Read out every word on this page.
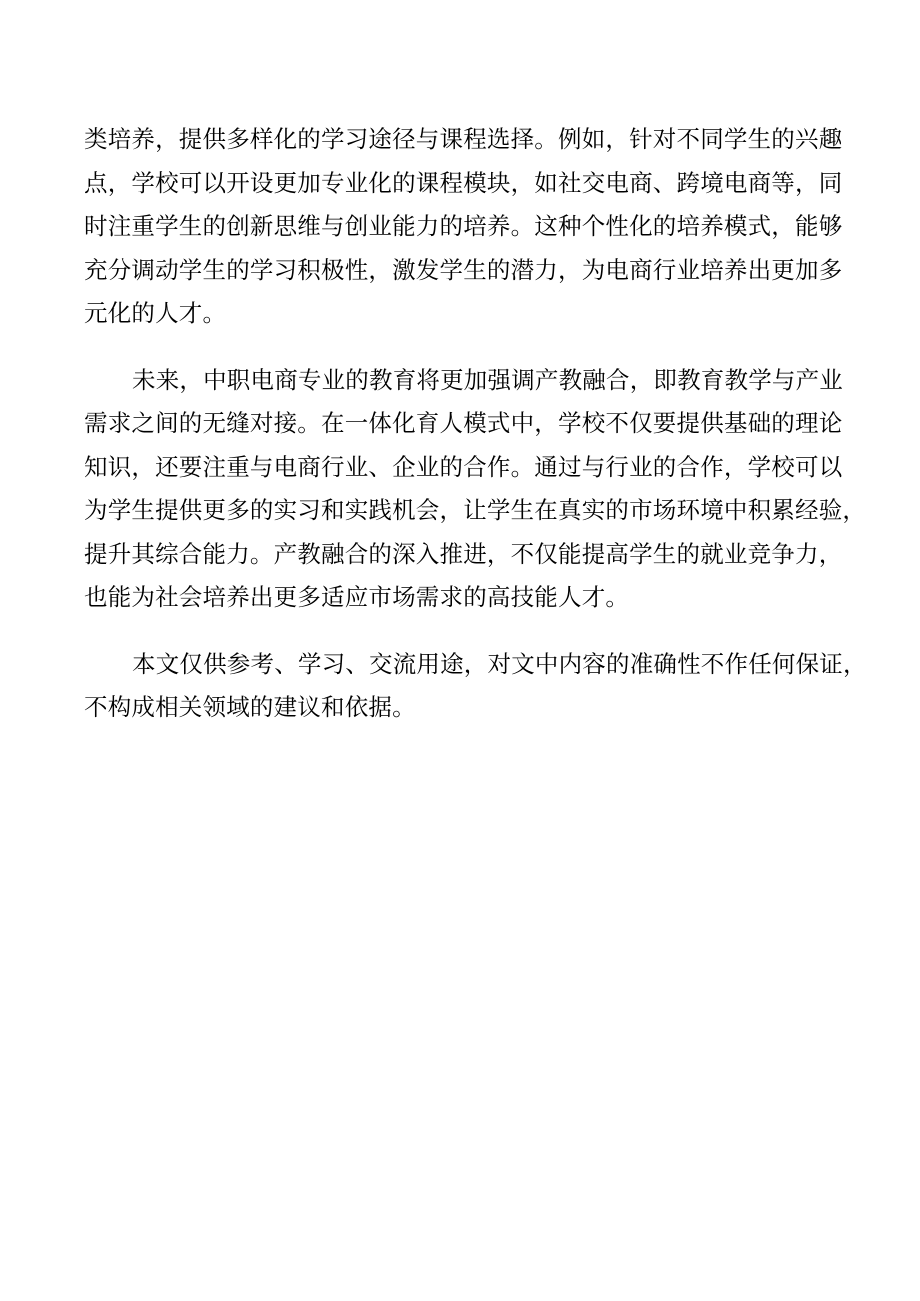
类培养，提供多样化的学习途径与课程选择。例如，针对不同学生的兴趣
点，学校可以开设更加专业化的课程模块，如社交电商、跨境电商等，同
时注重学生的创新思维与创业能力的培养。这种个性化的培养模式，能够
充分调动学生的学习积极性，激发学生的潜力，为电商行业培养出更加多
元化的人才。

未来，中职电商专业的教育将更加强调产教融合，即教育教学与产业
需求之间的无缝对接。在一体化育人模式中，学校不仅要提供基础的理论
知识，还要注重与电商行业、企业的合作。通过与行业的合作，学校可以
为学生提供更多的实习和实践机会，让学生在真实的市场环境中积累经验，
提升其综合能力。产教融合的深入推进，不仅能提高学生的就业竞争力，
也能为社会培养出更多适应市场需求的高技能人才。

本文仅供参考、学习、交流用途，对文中内容的准确性不作任何保证，
不构成相关领域的建议和依据。
